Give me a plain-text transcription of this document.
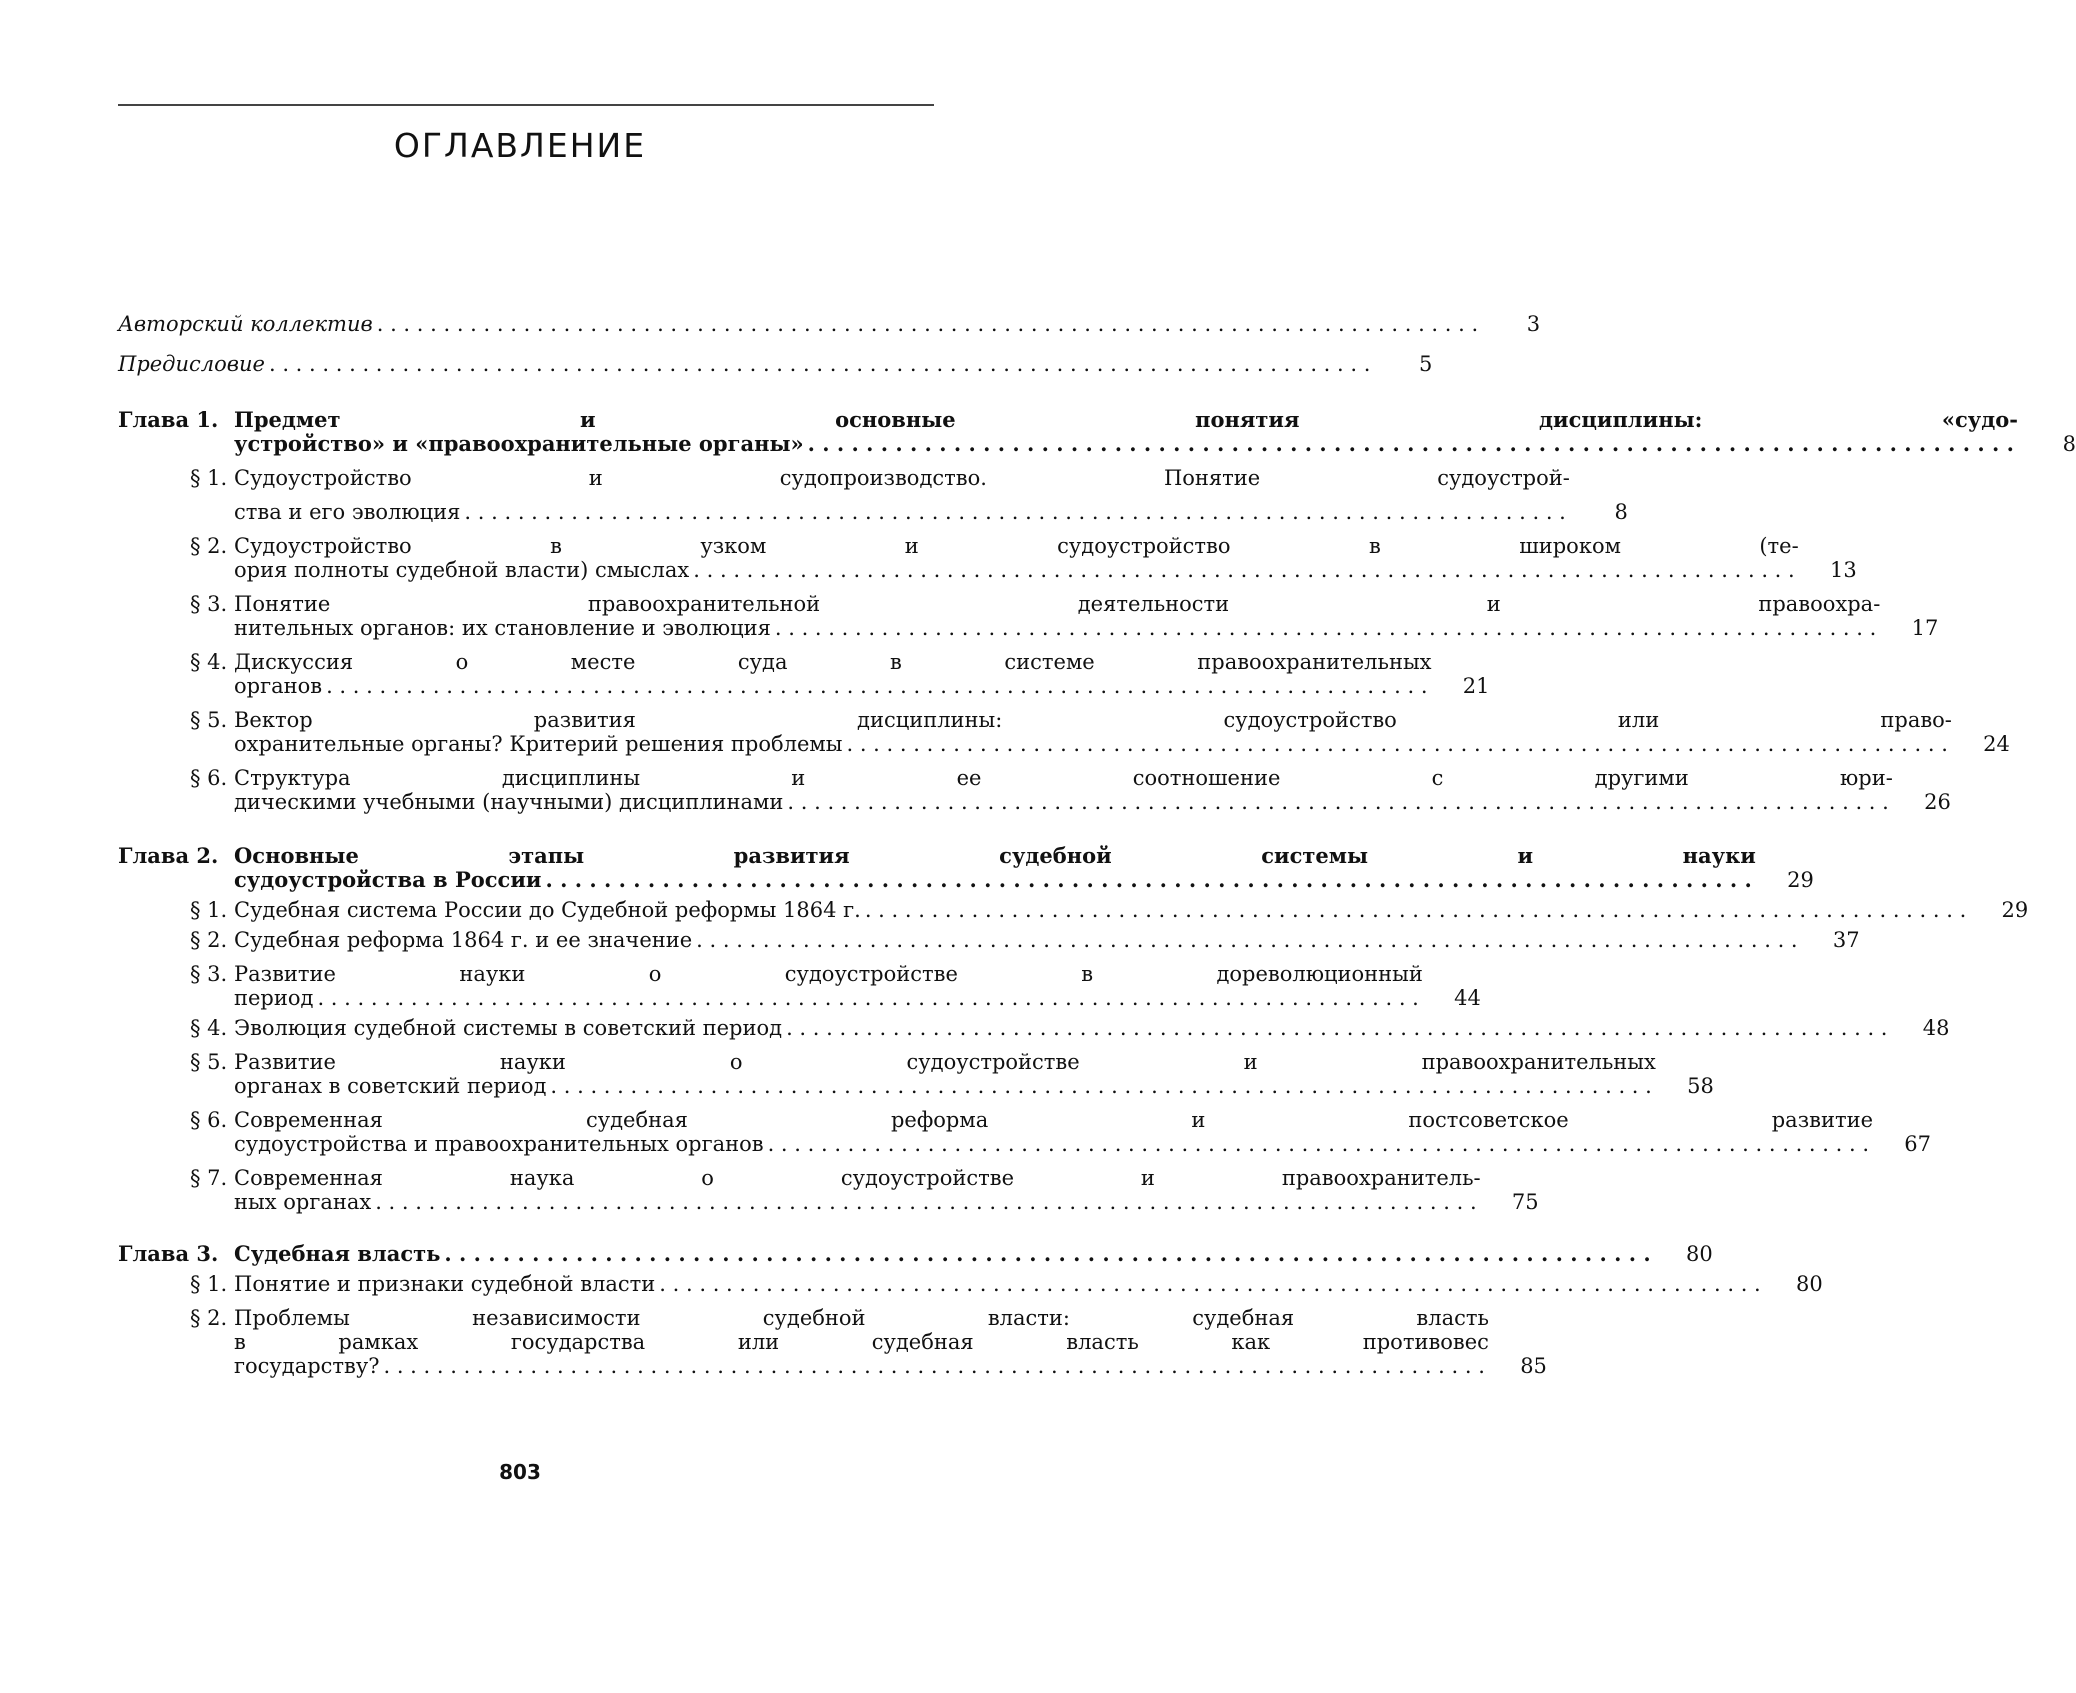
ОГЛАВЛЕНИЕ
Авторский коллектив . . .	3
Предисловие . . .	5
Глава 1. Предмет и основные понятия дисциплины: «судо-
устройство» и «правоохранительные органы» . . .	8
§ 1. Судоустройство и судопроизводство. Понятие судоустрой-
ства и его эволюция . . .	8
§ 2. Судоустройство в узком и судоустройство в широком (те-
ория полноты судебной власти) смыслах . . .	13
§ 3. Понятие правоохранительной деятельности и правоохра-
нительных органов: их становление и эволюция . . .	17
§ 4. Дискуссия о месте суда в системе правоохранительных
органов . . .	21
§ 5. Вектор развития дисциплины: судоустройство или право-
охранительные органы? Критерий решения проблемы . . .	24
§ 6. Структура дисциплины и ее соотношение с другими юри-
дическими учебными (научными) дисциплинами . . .	26
Глава 2. Основные этапы развития судебной системы и науки
судоустройства в России . . .	29
§ 1. Судебная система России до Судебной реформы 1864 г. . . .	29
§ 2. Судебная реформа 1864 г. и ее значение . . .	37
§ 3. Развитие науки о судоустройстве в дореволюционный
период . . .	44
§ 4. Эволюция судебной системы в советский период . . .	48
§ 5. Развитие науки о судоустройстве и правоохранительных
органах в советский период . . .	58
§ 6. Современная судебная реформа и постсоветское развитие
судоустройства и правоохранительных органов . . .	67
§ 7. Современная наука о судоустройстве и правоохранитель-
ных органах . . .	75
Глава 3. Судебная власть . . .	80
§ 1. Понятие и признаки судебной власти . . .	80
§ 2. Проблемы независимости судебной власти: судебная власть
в рамках государства или судебная власть как противовес
государству? . . .	85
803
